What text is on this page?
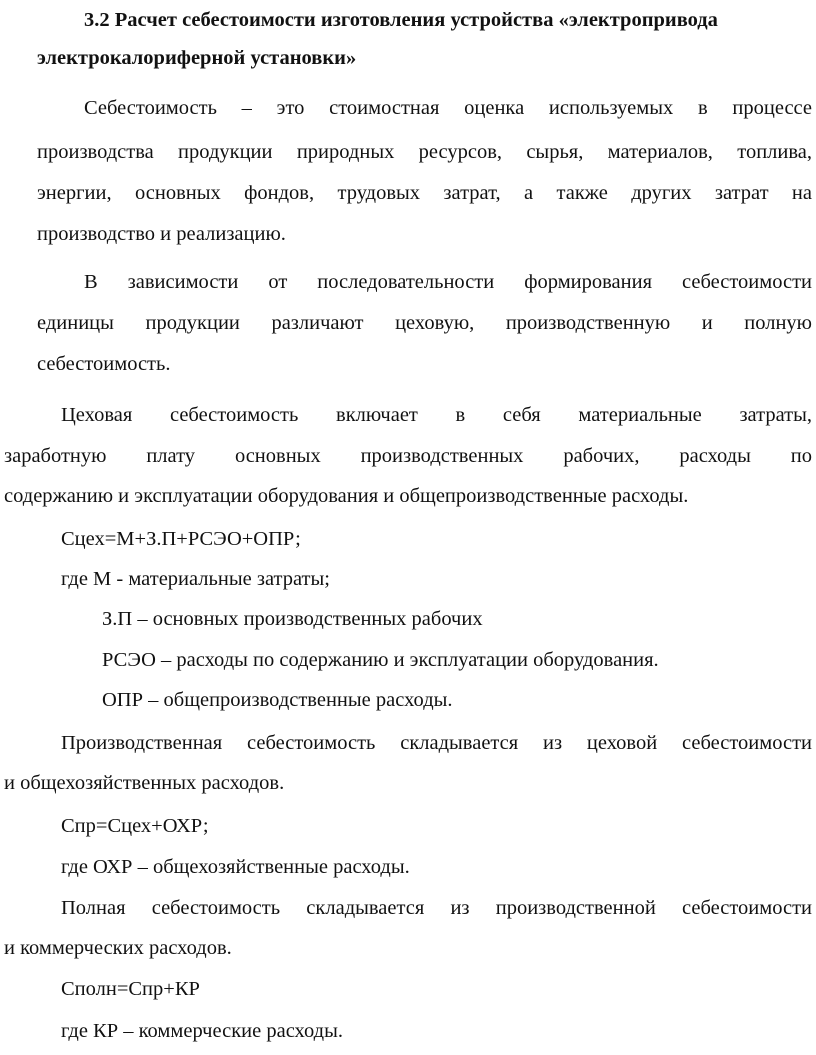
3.2 Расчет себестоимости изготовления устройства «электропривода
электрокалориферной установки»
Себестоимость – это стоимостная оценка используемых в процессе
производства продукции природных ресурсов, сырья, материалов, топлива,
энергии, основных фондов, трудовых затрат, а также других затрат на
производство и реализацию.
В зависимости от последовательности формирования себестоимости
единицы продукции различают цеховую, производственную и полную
себестоимость.
Цеховая себестоимость включает в себя материальные затраты,
заработную плату основных производственных рабочих, расходы по
содержанию и эксплуатации оборудования и общепроизводственные расходы.
Сцех=М+З.П+РСЭО+ОПР;
где М - материальные затраты;
З.П – основных производственных рабочих
РСЭО – расходы по содержанию и эксплуатации оборудования.
ОПР – общепроизводственные расходы.
Производственная себестоимость складывается из цеховой себестоимости
и общехозяйственных расходов.
Спр=Сцех+ОХР;
где ОХР – общехозяйственные расходы.
Полная себестоимость складывается из производственной себестоимости
и коммерческих расходов.
Сполн=Спр+КР
где КР – коммерческие расходы.
